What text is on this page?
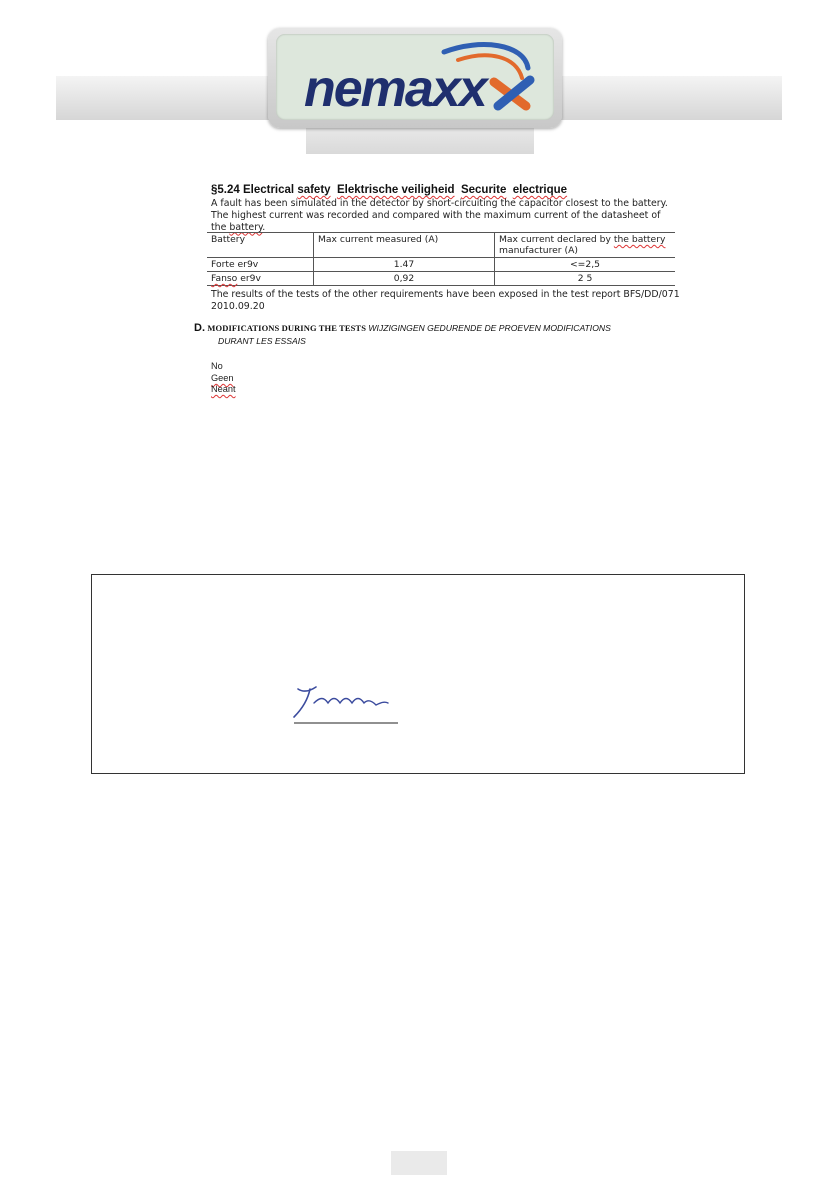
nemaxx

§5.24 Electrical safety Elektrische veiligheid Securite electrique

A fault has been simulated in the detector by short-circuiting the capacitor closest to the battery.

The highest current was recorded and compared with the maximum current of the datasheet of the battery.

Battery	Max current measured (A)	Max current declared by the battery manufacturer (A)
Forte er9v	1.47	<=2,5
Fanso er9v	0,92	2 5

The results of the tests of the other requirements have been exposed in the test report BFS/DD/071 2010.09.20

D. MODIFICATIONS DURING THE TESTS WIJZIGINGEN GEDURENDE DE PROEVEN MODIFICATIONS
DURANT LES ESSAIS

No

Geen

Neant
